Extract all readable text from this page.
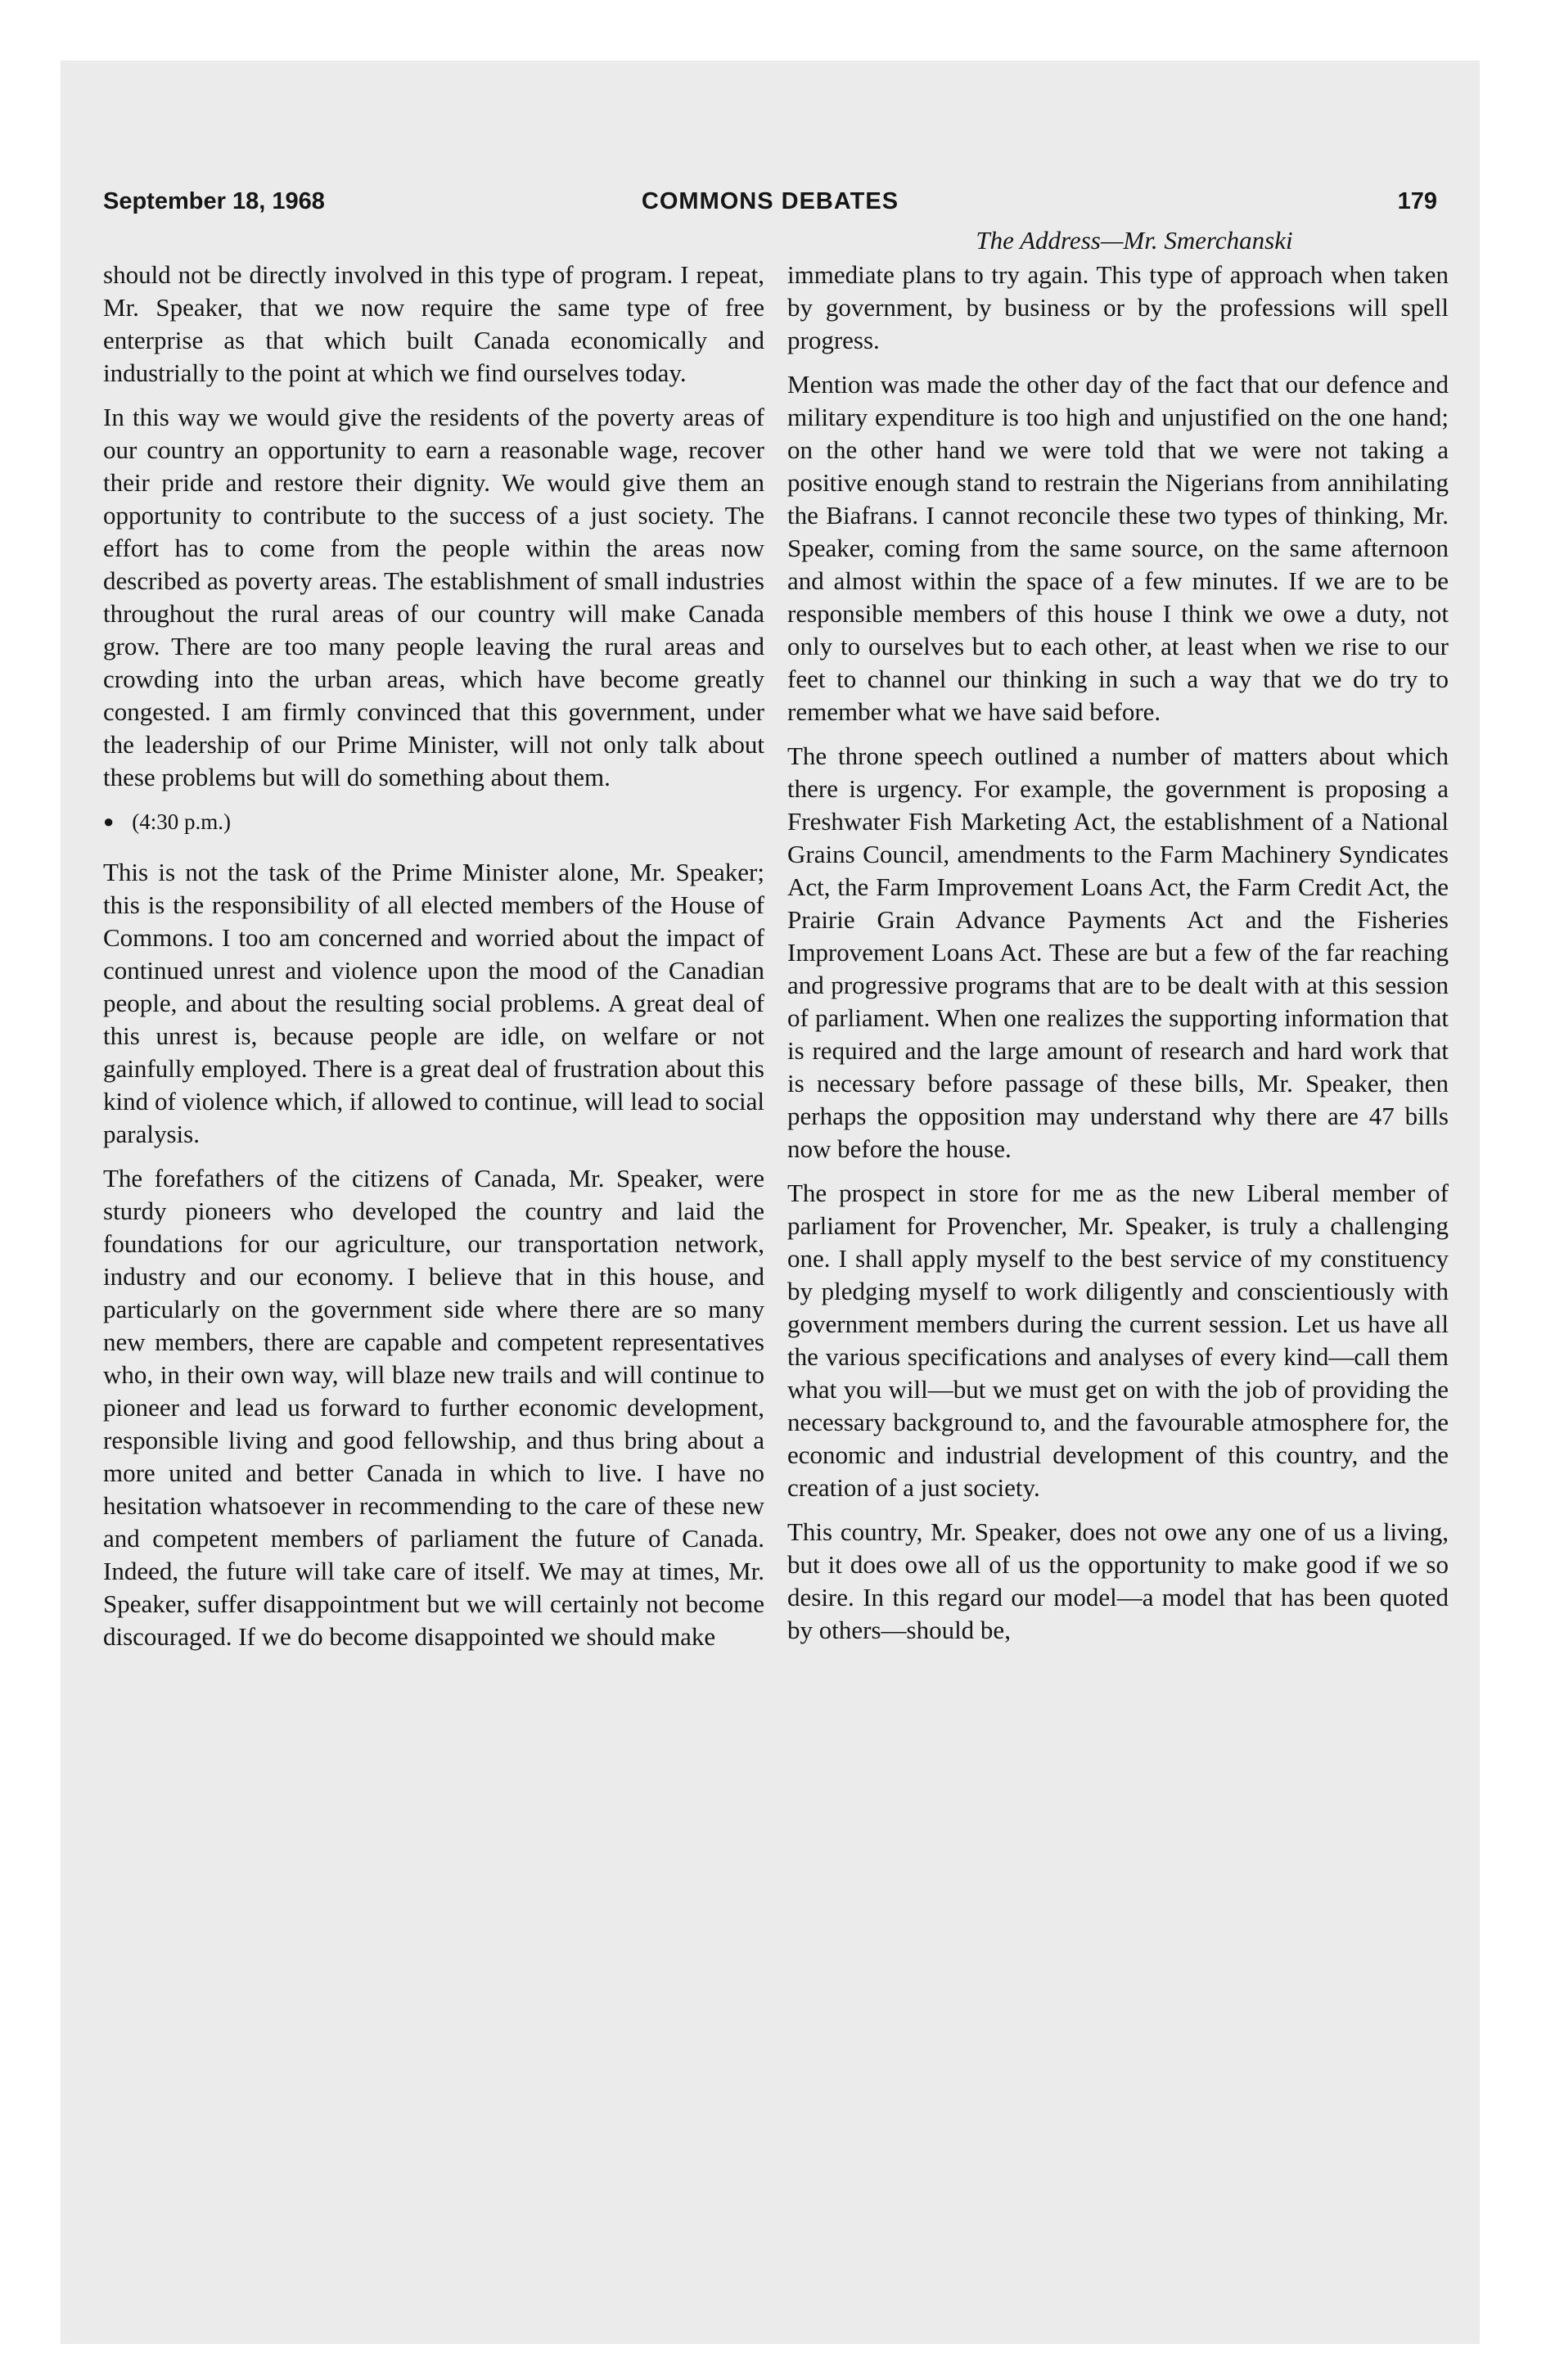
September 18, 1968	COMMONS DEBATES	179
The Address—Mr. Smerchanski

should not be directly involved in this type of program. I repeat, Mr. Speaker, that we now require the same type of free enterprise as that which built Canada economically and industrially to the point at which we find ourselves today.

In this way we would give the residents of the poverty areas of our country an opportunity to earn a reasonable wage, recover their pride and restore their dignity. We would give them an opportunity to contribute to the success of a just society. The effort has to come from the people within the areas now described as poverty areas. The establishment of small industries throughout the rural areas of our country will make Canada grow. There are too many people leaving the rural areas and crowding into the urban areas, which have become greatly congested. I am firmly convinced that this government, under the leadership of our Prime Minister, will not only talk about these problems but will do something about them.

● (4:30 p.m.)

This is not the task of the Prime Minister alone, Mr. Speaker; this is the responsibility of all elected members of the House of Commons. I too am concerned and worried about the impact of continued unrest and violence upon the mood of the Canadian people, and about the resulting social problems. A great deal of this unrest is, because people are idle, on welfare or not gainfully employed. There is a great deal of frustration about this kind of violence which, if allowed to continue, will lead to social paralysis.

The forefathers of the citizens of Canada, Mr. Speaker, were sturdy pioneers who developed the country and laid the foundations for our agriculture, our transportation network, industry and our economy. I believe that in this house, and particularly on the government side where there are so many new members, there are capable and competent representatives who, in their own way, will blaze new trails and will continue to pioneer and lead us forward to further economic development, responsible living and good fellowship, and thus bring about a more united and better Canada in which to live. I have no hesitation whatsoever in recommending to the care of these new and competent members of parliament the future of Canada. Indeed, the future will take care of itself. We may at times, Mr. Speaker, suffer disappointment but we will certainly not become discouraged. If we do become disappointed we should make

immediate plans to try again. This type of approach when taken by government, by business or by the professions will spell progress.

Mention was made the other day of the fact that our defence and military expenditure is too high and unjustified on the one hand; on the other hand we were told that we were not taking a positive enough stand to restrain the Nigerians from annihilating the Biafrans. I cannot reconcile these two types of thinking, Mr. Speaker, coming from the same source, on the same afternoon and almost within the space of a few minutes. If we are to be responsible members of this house I think we owe a duty, not only to ourselves but to each other, at least when we rise to our feet to channel our thinking in such a way that we do try to remember what we have said before.

The throne speech outlined a number of matters about which there is urgency. For example, the government is proposing a Freshwater Fish Marketing Act, the establishment of a National Grains Council, amendments to the Farm Machinery Syndicates Act, the Farm Improvement Loans Act, the Farm Credit Act, the Prairie Grain Advance Payments Act and the Fisheries Improvement Loans Act. These are but a few of the far reaching and progressive programs that are to be dealt with at this session of parliament. When one realizes the supporting information that is required and the large amount of research and hard work that is necessary before passage of these bills, Mr. Speaker, then perhaps the opposition may understand why there are 47 bills now before the house.

The prospect in store for me as the new Liberal member of parliament for Provencher, Mr. Speaker, is truly a challenging one. I shall apply myself to the best service of my constituency by pledging myself to work diligently and conscientiously with government members during the current session. Let us have all the various specifications and analyses of every kind—call them what you will—but we must get on with the job of providing the necessary background to, and the favourable atmosphere for, the economic and industrial development of this country, and the creation of a just society.

This country, Mr. Speaker, does not owe any one of us a living, but it does owe all of us the opportunity to make good if we so desire. In this regard our model—a model that has been quoted by others—should be,
